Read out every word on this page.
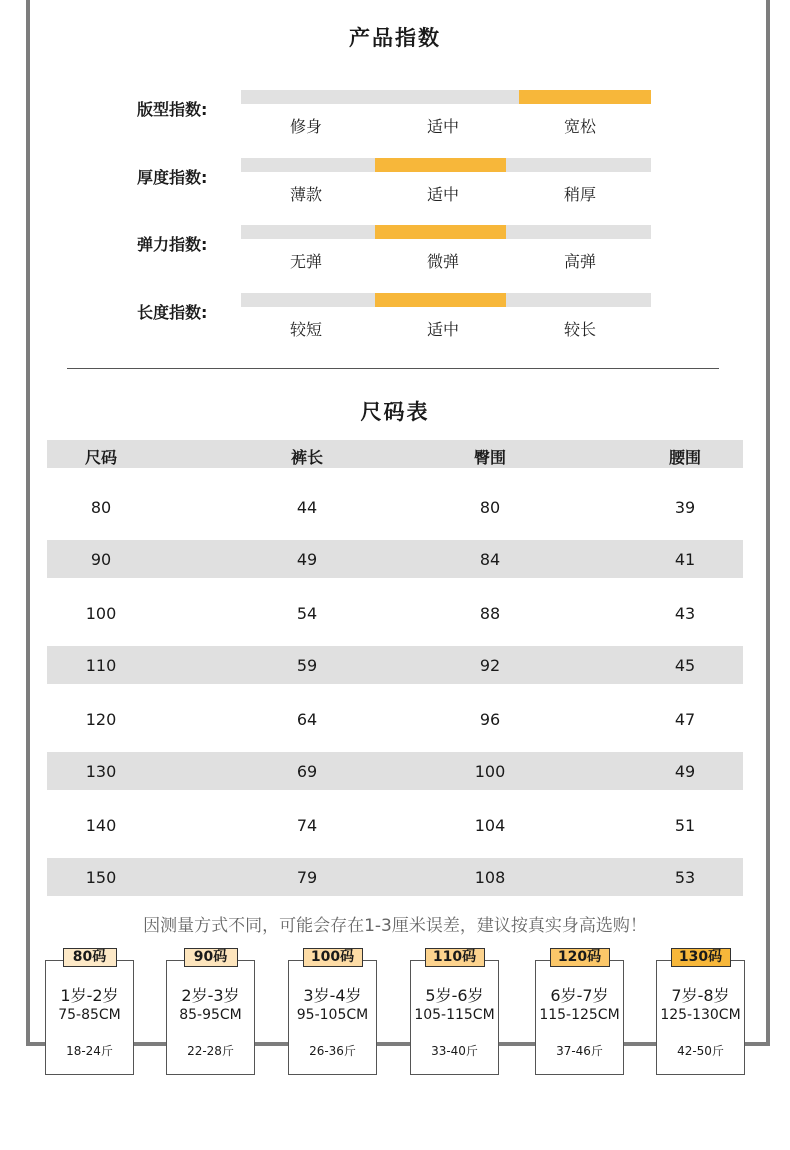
产品指数
版型指数:
修身	适中	宽松
厚度指数:
薄款	适中	稍厚
弹力指数:
无弹	微弹	高弹
长度指数:
较短	适中	较长
尺码表
尺码	裤长	臀围	腰围
80	44	80	39
90	49	84	41
100	54	88	43
110	59	92	45
120	64	96	47
130	69	100	49
140	74	104	51
150	79	108	53
因测量方式不同，可能会存在1-3厘米误差，建议按真实身高选购！
1岁-2岁
75-85CM
18-24斤
80码
2岁-3岁
85-95CM
22-28斤
90码
3岁-4岁
95-105CM
26-36斤
100码
5岁-6岁
105-115CM
33-40斤
110码
6岁-7岁
115-125CM
37-46斤
120码
7岁-8岁
125-130CM
42-50斤
130码
